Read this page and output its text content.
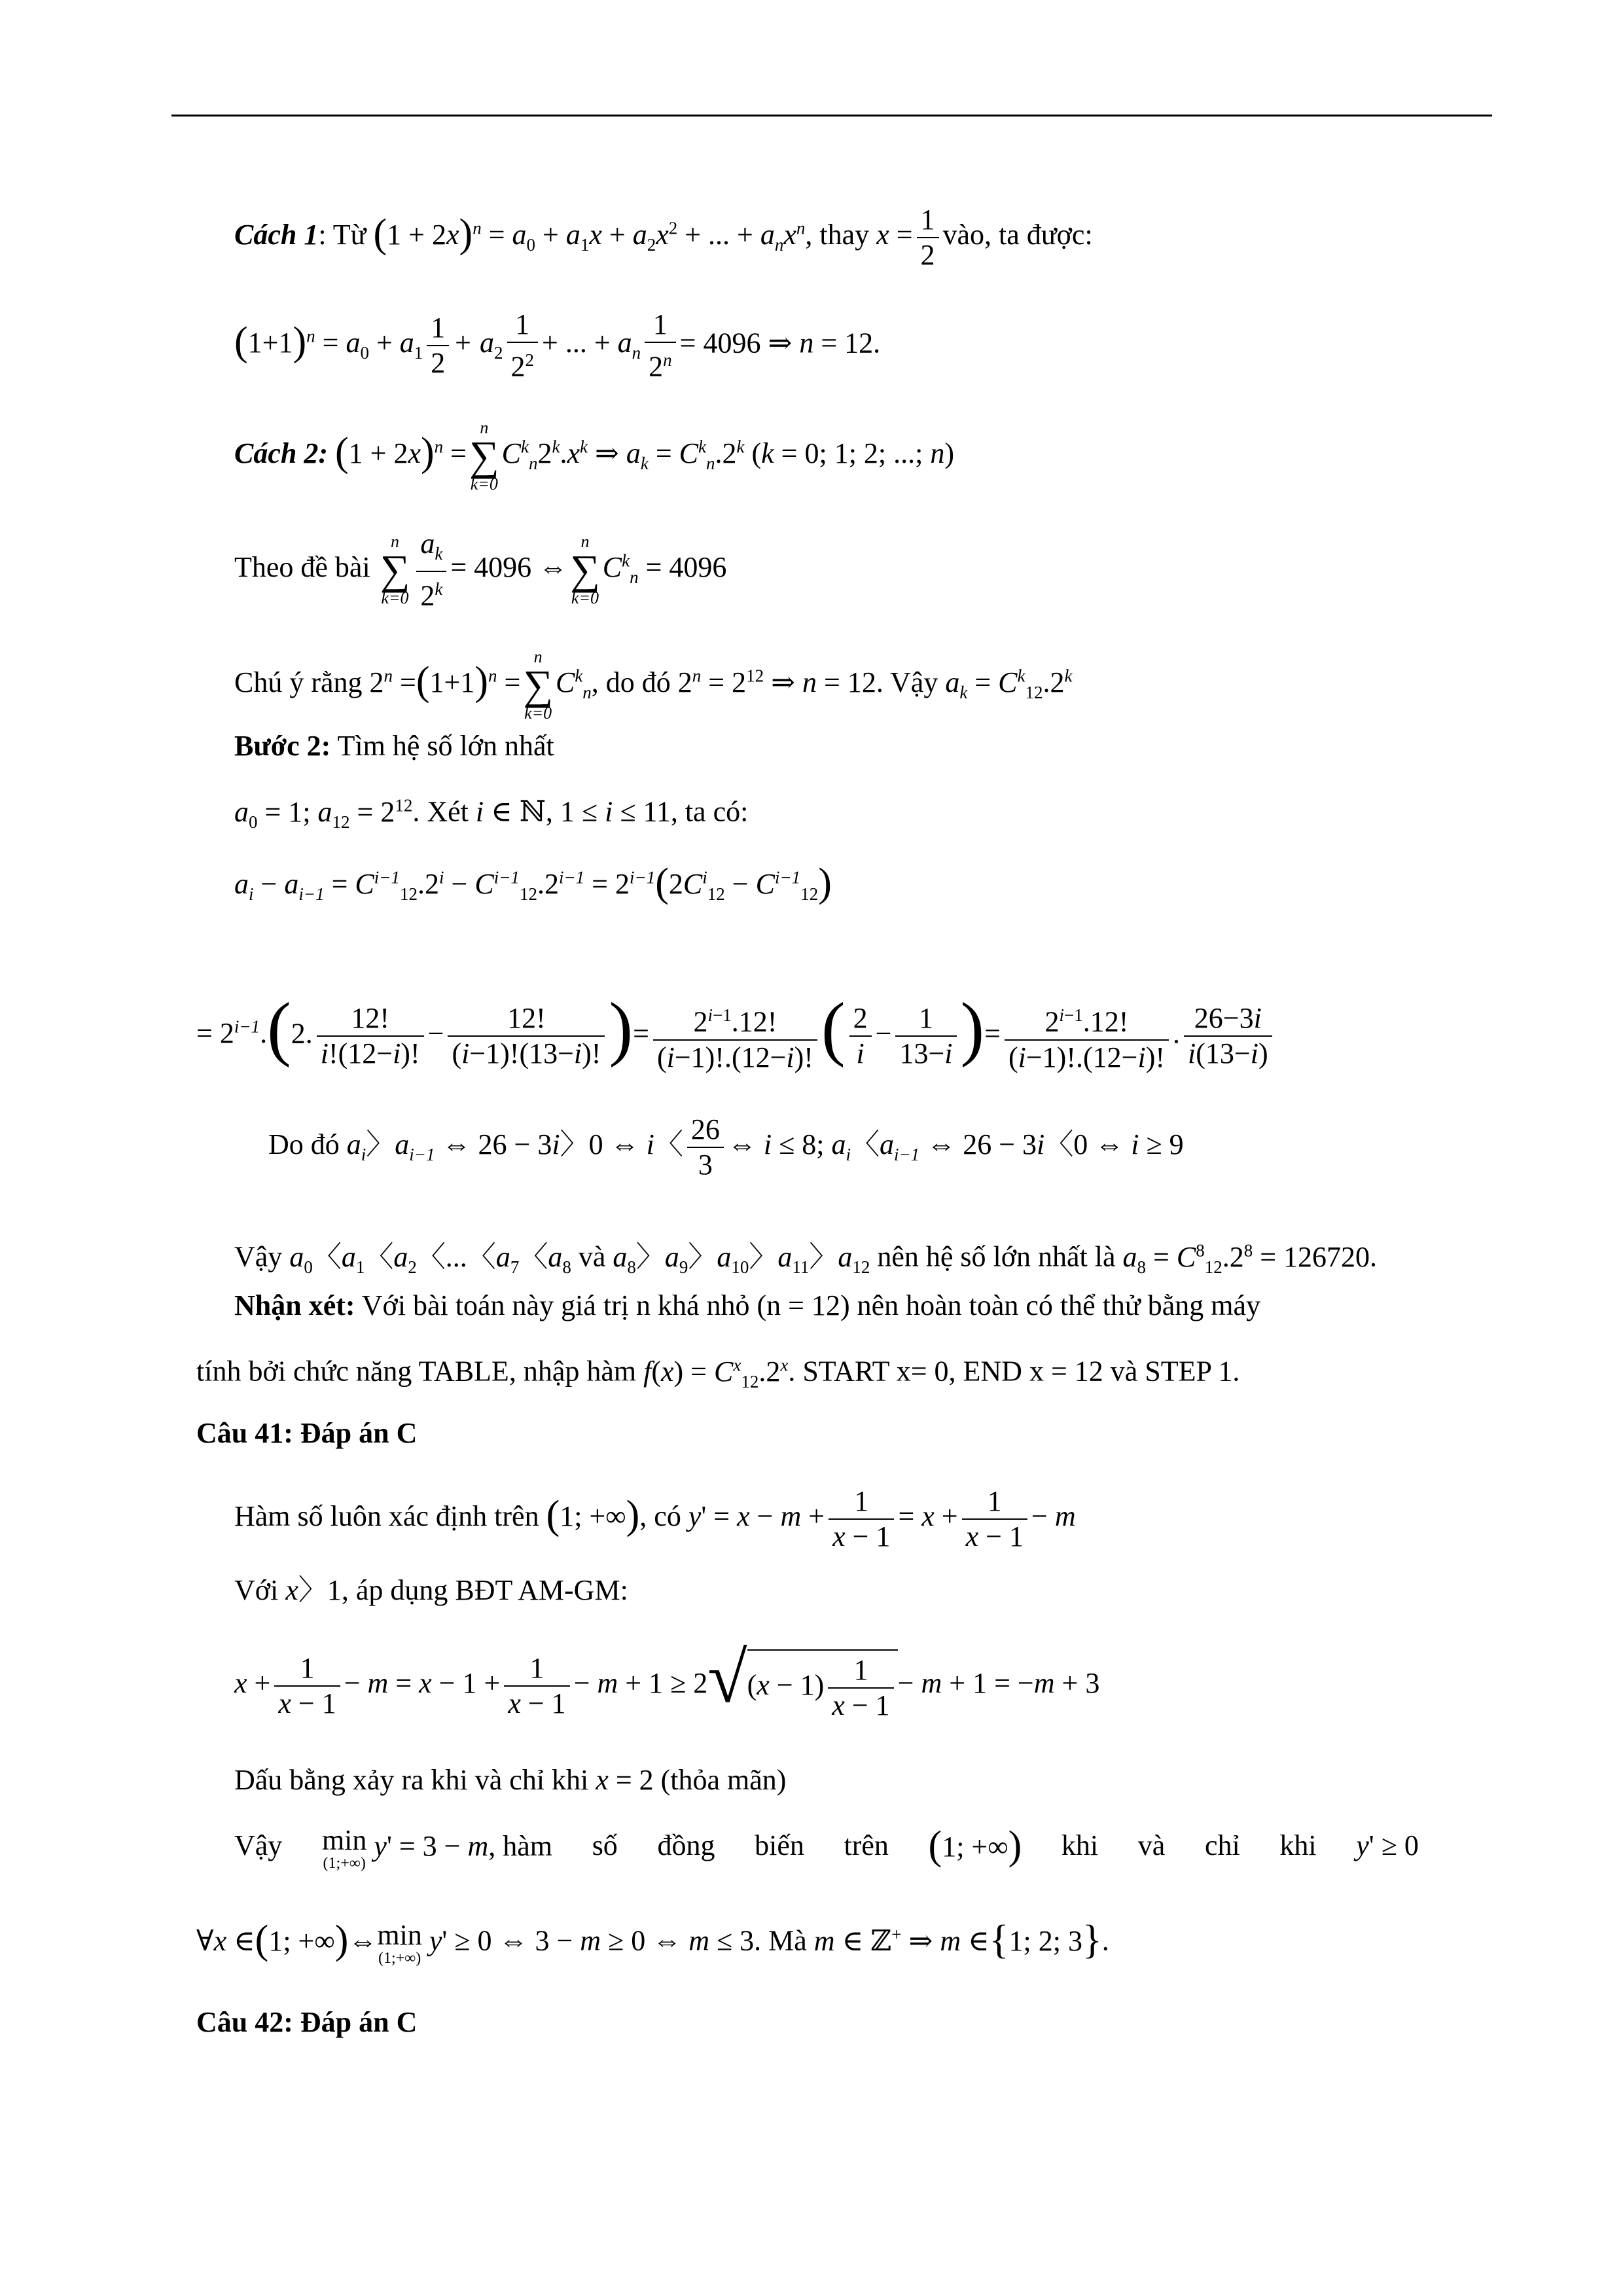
Cách 1: Từ $(1 + 2x)^n = a_0 + a_1x + a_2x^2$ + ... + $a_nx^n$, thay $x = \frac{1}{2}$ vào, ta được:
$(1+1)^n = a_0 + a_1 \frac{1}{2} + a_2 \frac{1}{2^2}$ + ... + $a_n \frac{1}{2^n} = 4096$ ⇒ n = 12.
Cách 2: $(1 + 2x)^n$ =
n
∑
k=0
$C^k_n2^k.x^k$ ⇒ $a_k = C^k_n.2^k$ (k = 0; 1; 2; ...; n)
Theo đề bài
n
∑
$k=0 \frac{a_k}{2^k} = 4096$ ⇔
n
∑
k=0
$C^k_n = 4096$
Chú ý rằng $2^n =(1+1)^n$ =
n
∑
k=0
$C^k_n$, do đó $2^n = 2^{12}$ ⇒ n = 12. Vậy $a_k = C^k_{12}.2^k$
Bước 2: Tìm hệ số lớn nhất
$a_0 = 1$; $a_{12} = 2^{12}$. Xét i ∈ ℕ, 1 ≤ i ≤ 11, ta có:
$a_i - a_{i-1} = C^{i-1}_{12}.2^i - C^{i-1}_{12}.2^{i-1} = 2^{i-1}(2C^i_{12} - C^{i-1}_{12})$
= $2^{i-1}.(2$. $\frac{12!}{i!(12-i)!} - \frac{12!}{(i-1)!(13-i)!}$ )= $\frac{2^{i-1}.12!}{(i-1)!.(12-i)!}$ ( $\frac{2}{i} - \frac{1}{13-i}$ )= $\frac{2^{i-1}.12!}{(i-1)!.(12-i)!}$ . $\frac{26-3i}{i(13-i)}$
Do đó $a_i$〉$a_{i-1}$ ⇔ 26 − 3i〉0 ⇔ i〈 $\frac{26}{3}$ ⇔ i ≤ 8; $a_i$〈$a_{i-1}$ ⇔ 26 − 3i〈0 ⇔ i ≥ 9
Vậy $a_0$〈$a_1$〈$a_2$〈...〈$a_7$〈$a_8$ và $a_8$〉$a_9$〉$a_{10}$〉$a_{11}$〉$a_{12}$ nên hệ số lớn nhất là $a_8 = C^8_{12}.2^8 = 126720$.
Nhận xét: Với bài toán này giá trị n khá nhỏ (n = 12) nên hoàn toàn có thể thử bằng máy
tính bởi chức năng TABLE, nhập hàm $f(x) = C^x_{12}.2^x$. START x= 0, END x = 12 và STEP 1.
Câu 41: Đáp án C
Hàm số luôn xác định trên (1; +∞), có $y' = x - m + \frac{1}{x - 1} = x + \frac{1}{x - 1} - m$
Với x〉1, áp dụng BĐT AM-GM:
$x + \frac{1}{x - 1} - m = x - 1 + \frac{1}{x - 1} - m + 1 \ge 2√(x - 1) \frac{1}{x - 1} - m + 1 = -m + 3$
Dấu bằng xảy ra khi và chỉ khi x = 2 (thỏa mãn)
Vậy min
(1;+∞)
y' = 3 − m, hàm số đồng biến trên (1; +∞) khi và chỉ khi y' ≥ 0
∀x ∈(1; +∞)⇔min
(1;+∞)
y' ≥ 0 ⇔ 3 − m ≥ 0 ⇔ m ≤ 3. Mà m ∈ ℤ+ ⇒ m ∈{1; 2; 3}.
Câu 42: Đáp án C
